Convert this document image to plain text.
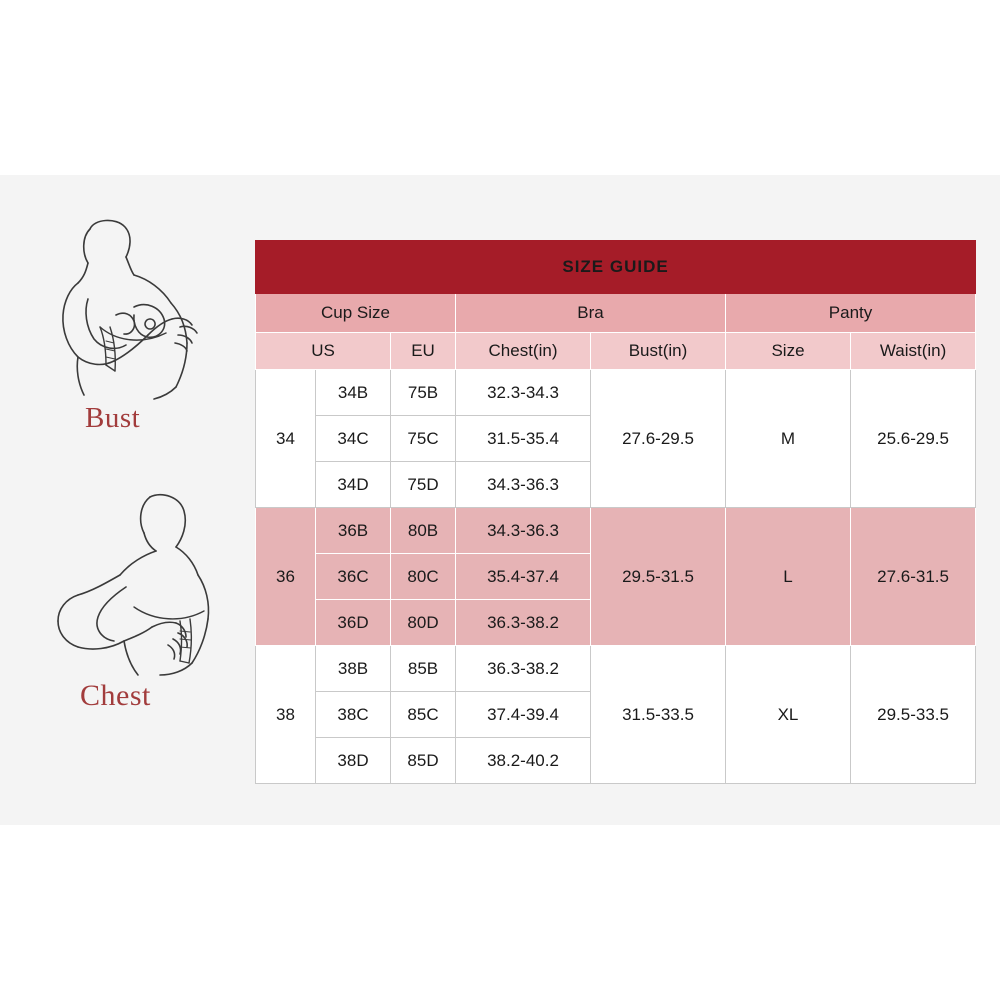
Bust
Chest
SIZE GUIDE						
Cup Size			Bra		Panty	
US		EU	Chest(in)	Bust(in)	Size	Waist(in)
34	34B	75B	32.3-34.3	27.6-29.5	M	25.6-29.5
	34C	75C	31.5-35.4			
	34D	75D	34.3-36.3			
36	36B	80B	34.3-36.3	29.5-31.5	L	27.6-31.5
	36C	80C	35.4-37.4			
	36D	80D	36.3-38.2			
38	38B	85B	36.3-38.2	31.5-33.5	XL	29.5-33.5
	38C	85C	37.4-39.4			
	38D	85D	38.2-40.2			
